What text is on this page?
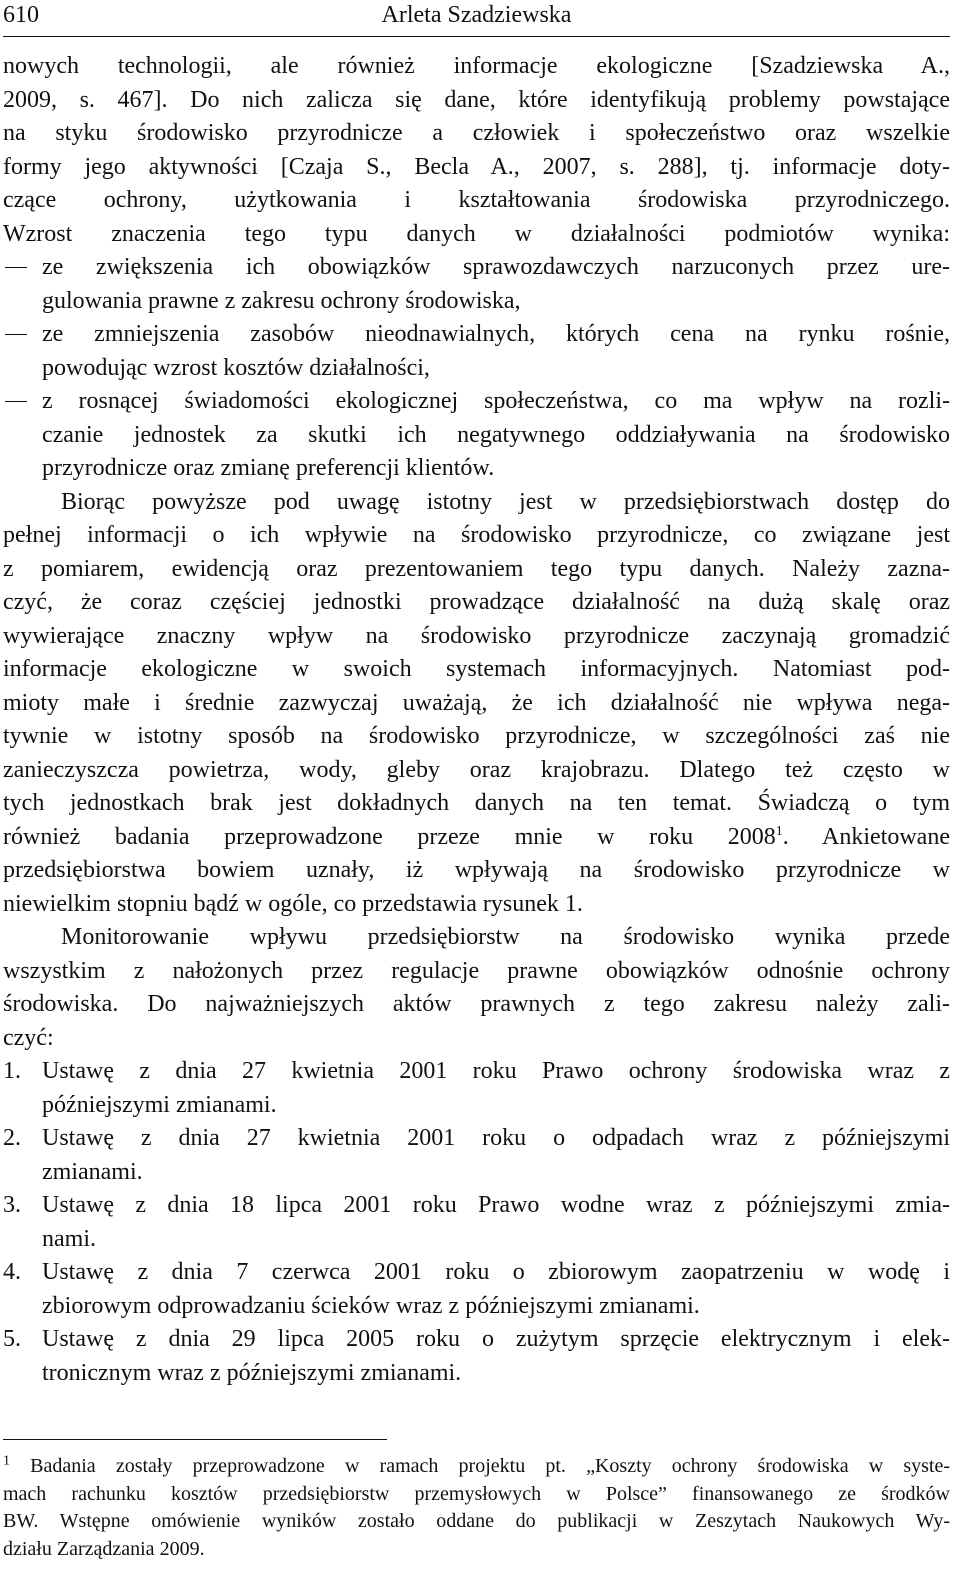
610	Arleta Szadziewska
nowych technologii, ale również informacje ekologiczne [Szadziewska A.,
2009, s. 467]. Do nich zalicza się dane, które identyfikują problemy powstające
na styku środowisko przyrodnicze a człowiek i społeczeństwo oraz wszelkie
formy jego aktywności [Czaja S., Becla A., 2007, s. 288], tj. informacje doty-
czące ochrony, użytkowania i kształtowania środowiska przyrodniczego.
Wzrost znaczenia tego typu danych w działalności podmiotów wynika:
ze zwiększenia ich obowiązków sprawozdawczych narzuconych przez ure-
gulowania prawne z zakresu ochrony środowiska,
ze zmniejszenia zasobów nieodnawialnych, których cena na rynku rośnie,
powodując wzrost kosztów działalności,
z rosnącej świadomości ekologicznej społeczeństwa, co ma wpływ na rozli-
czanie jednostek za skutki ich negatywnego oddziaływania na środowisko
przyrodnicze oraz zmianę preferencji klientów.
Biorąc powyższe pod uwagę istotny jest w przedsiębiorstwach dostęp do
pełnej informacji o ich wpływie na środowisko przyrodnicze, co związane jest
z pomiarem, ewidencją oraz prezentowaniem tego typu danych. Należy zazna-
czyć, że coraz częściej jednostki prowadzące działalność na dużą skalę oraz
wywierające znaczny wpływ na środowisko przyrodnicze zaczynają gromadzić
informacje ekologiczne w swoich systemach informacyjnych. Natomiast pod-
mioty małe i średnie zazwyczaj uważają, że ich działalność nie wpływa nega-
tywnie w istotny sposób na środowisko przyrodnicze, w szczególności zaś nie
zanieczyszcza powietrza, wody, gleby oraz krajobrazu. Dlatego też często w
tych jednostkach brak jest dokładnych danych na ten temat. Świadczą o tym
również badania przeprowadzone przeze mnie w roku 2008$^1$. Ankietowane
przedsiębiorstwa bowiem uznały, iż wpływają na środowisko przyrodnicze w
niewielkim stopniu bądź w ogóle, co przedstawia rysunek 1.
Monitorowanie wpływu przedsiębiorstw na środowisko wynika przede
wszystkim z nałożonych przez regulacje prawne obowiązków odnośnie ochrony
środowiska. Do najważniejszych aktów prawnych z tego zakresu należy zali-
czyć:
1. Ustawę z dnia 27 kwietnia 2001 roku Prawo ochrony środowiska wraz z
późniejszymi zmianami.
2. Ustawę z dnia 27 kwietnia 2001 roku o odpadach wraz z późniejszymi
zmianami.
3. Ustawę z dnia 18 lipca 2001 roku Prawo wodne wraz z późniejszymi zmia-
nami.
4. Ustawę z dnia 7 czerwca 2001 roku o zbiorowym zaopatrzeniu w wodę i
zbiorowym odprowadzaniu ścieków wraz z późniejszymi zmianami.
5. Ustawę z dnia 29 lipca 2005 roku o zużytym sprzęcie elektrycznym i elek-
tronicznym wraz z późniejszymi zmianami.
$^1$ Badania zostały przeprowadzone w ramach projektu pt. „Koszty ochrony środowiska w syste-
mach rachunku kosztów przedsiębiorstw przemysłowych w Polsce” finansowanego ze środków
BW. Wstępne omówienie wyników zostało oddane do publikacji w Zeszytach Naukowych Wy-
działu Zarządzania 2009.
